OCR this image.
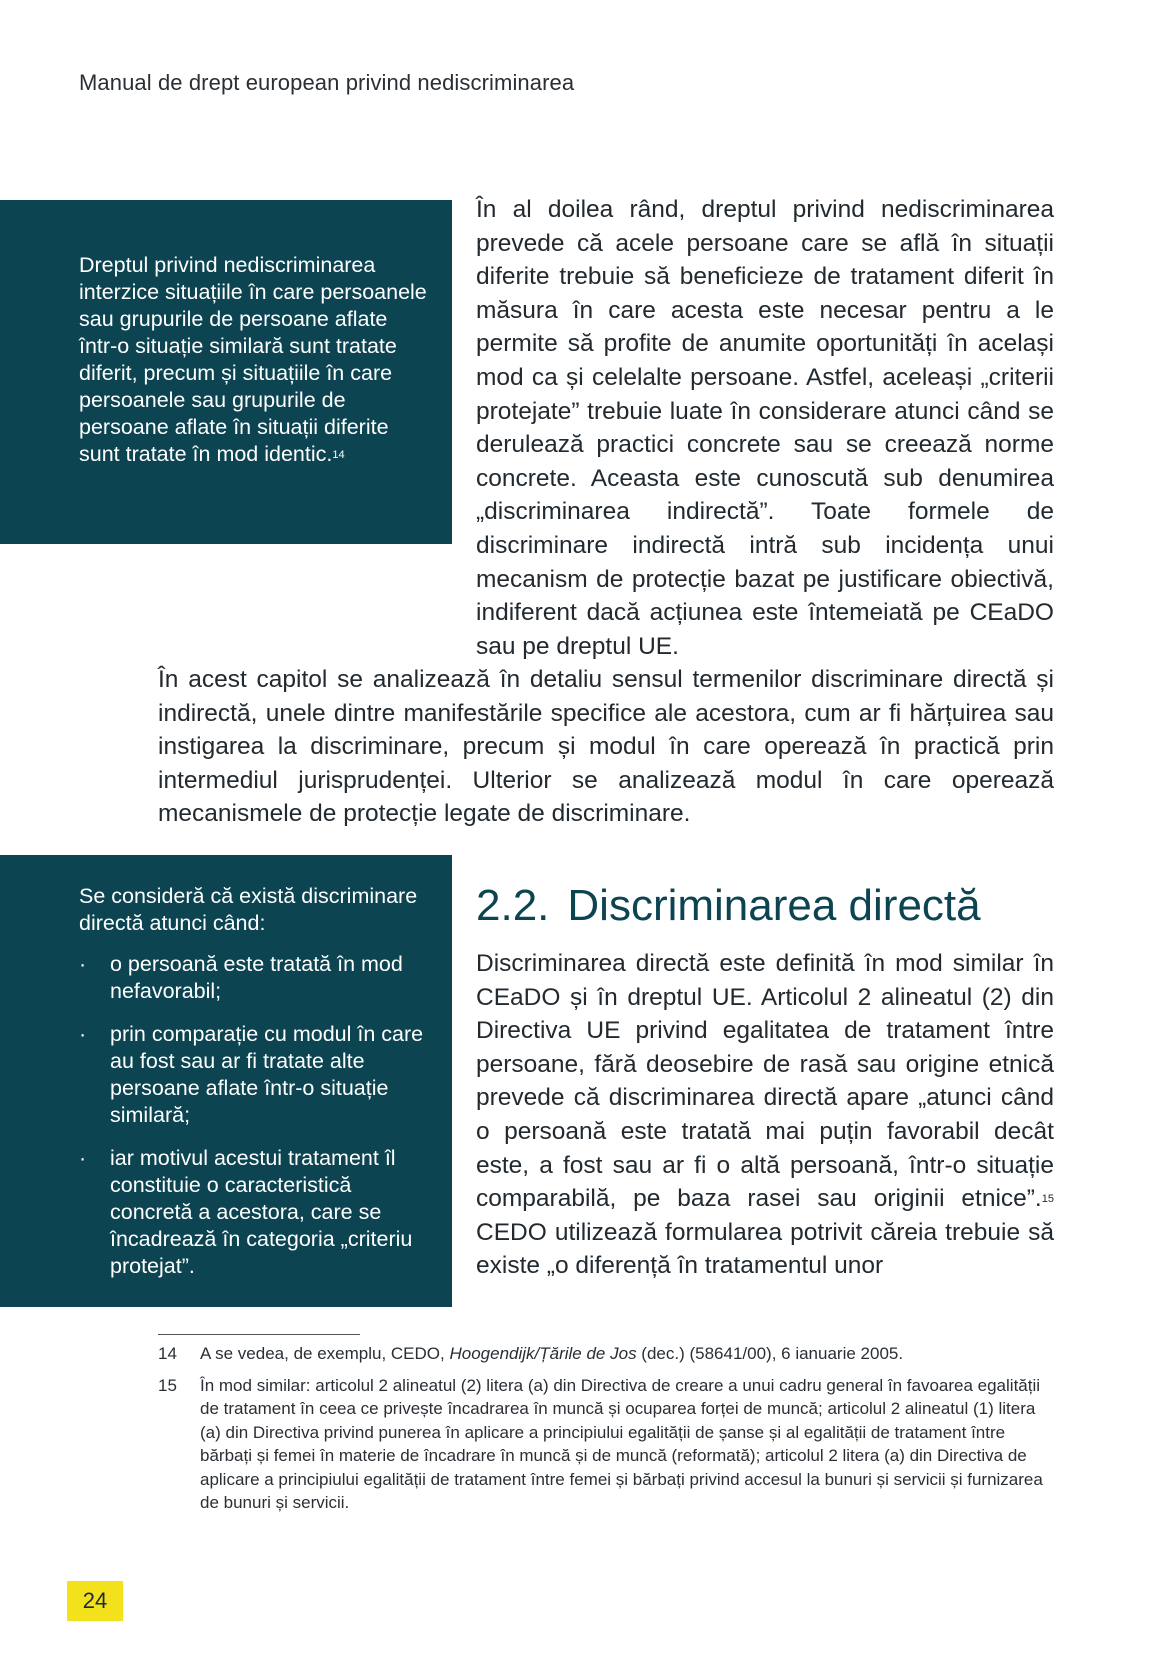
Manual de drept european privind nediscriminarea

Dreptul privind nediscriminarea interzice situațiile în care persoanele sau grupurile de persoane aflate într-o situație similară sunt tratate diferit, precum și situațiile în care persoanele sau grupurile de persoane aflate în situații diferite sunt tratate în mod identic.$^{14}$

În al doilea rând, dreptul privind nediscriminarea prevede că acele persoane care se află în situații diferite trebuie să beneficieze de tratament diferit în măsura în care acesta este necesar pentru a le permite să profite de anumite oportunități în același mod ca și celelalte persoane. Astfel, aceleași „criterii protejate” trebuie luate în considerare atunci când se derulează practici concrete sau se creează norme concrete. Aceasta este cunoscută sub denumirea „discriminarea indirectă”. Toate formele de discriminare indirectă intră sub incidența unui mecanism de protecție bazat pe justificare obiectivă, indiferent dacă acțiunea este întemeiată pe CEaDO sau pe dreptul UE.
În acest capitol se analizează în detaliu sensul termenilor discriminare directă și indirectă, unele dintre manifestările specifice ale acestora, cum ar fi hărțuirea sau instigarea la discriminare, precum și modul în care operează în practică prin intermediul jurisprudenței. Ulterior se analizează modul în care operează mecanismele de protecție legate de discriminare.

Se consideră că există discriminare directă atunci când:

· o persoană este tratată în mod nefavorabil;
· prin comparație cu modul în care au fost sau ar fi tratate alte persoane aflate într-o situație similară;
· iar motivul acestui tratament îl constituie o caracteristică concretă a acestora, care se încadrează în categoria „criteriu protejat”.
2.2. Discriminarea directă
Discriminarea directă este definită în mod similar în CEaDO și în dreptul UE. Articolul 2 alineatul (2) din Directiva UE privind egalitatea de tratament între persoane, fără deosebire de rasă sau origine etnică prevede că discriminarea directă apare „atunci când o persoană este tratată mai puțin favorabil decât este, a fost sau ar fi o altă persoană, într-o situație comparabilă, pe baza rasei sau originii etnice”.$^{15}$ CEDO utilizează formularea potrivit căreia trebuie să existe „o diferență în tratamentul unor
14 A se vedea, de exemplu, CEDO, Hoogendijk/Țările de Jos (dec.) (58641/00), 6 ianuarie 2005.
15 În mod similar: articolul 2 alineatul (2) litera (a) din Directiva de creare a unui cadru general în favoarea egalității de tratament în ceea ce privește încadrarea în muncă și ocuparea forței de muncă; articolul 2 alineatul (1) litera (a) din Directiva privind punerea în aplicare a principiului egalității de șanse și al egalității de tratament între bărbați și femei în materie de încadrare în muncă și de muncă (reformată); articolul 2 litera (a) din Directiva de aplicare a principiului egalității de tratament între femei și bărbați privind accesul la bunuri și servicii și furnizarea de bunuri și servicii.
24
